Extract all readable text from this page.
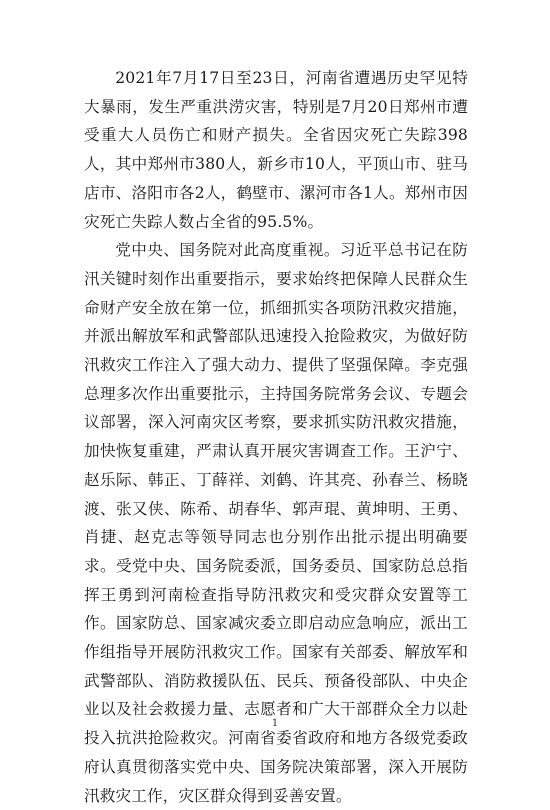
2021年7月17日至23日，河南省遭遇历史罕见特大暴雨，发生严重洪涝灾害，特别是7月20日郑州市遭受重大人员伤亡和财产损失。全省因灾死亡失踪398人，其中郑州市380人，新乡市10人，平顶山市、驻马店市、洛阳市各2人，鹤壁市、漯河市各1人。郑州市因灾死亡失踪人数占全省的95.5%。

党中央、国务院对此高度重视。习近平总书记在防汛关键时刻作出重要指示，要求始终把保障人民群众生命财产安全放在第一位，抓细抓实各项防汛救灾措施，并派出解放军和武警部队迅速投入抢险救灾，为做好防汛救灾工作注入了强大动力、提供了坚强保障。李克强总理多次作出重要批示，主持国务院常务会议、专题会议部署，深入河南灾区考察，要求抓实防汛救灾措施，加快恢复重建，严肃认真开展灾害调查工作。王沪宁、赵乐际、韩正、丁薛祥、刘鹤、许其亮、孙春兰、杨晓渡、张又侠、陈希、胡春华、郭声琨、黄坤明、王勇、肖捷、赵克志等领导同志也分别作出批示提出明确要求。受党中央、国务院委派，国务委员、国家防总总指挥王勇到河南检查指导防汛救灾和受灾群众安置等工作。国家防总、国家减灾委立即启动应急响应，派出工作组指导开展防汛救灾工作。国家有关部委、解放军和武警部队、消防救援队伍、民兵、预备役部队、中央企业以及社会救援力量、志愿者和广大干部群众全力以赴投入抗洪抢险救灾。河南省委省政府和地方各级党委政府认真贯彻落实党中央、国务院决策部署，深入开展防汛救灾工作，灾区群众得到妥善安置。

1
